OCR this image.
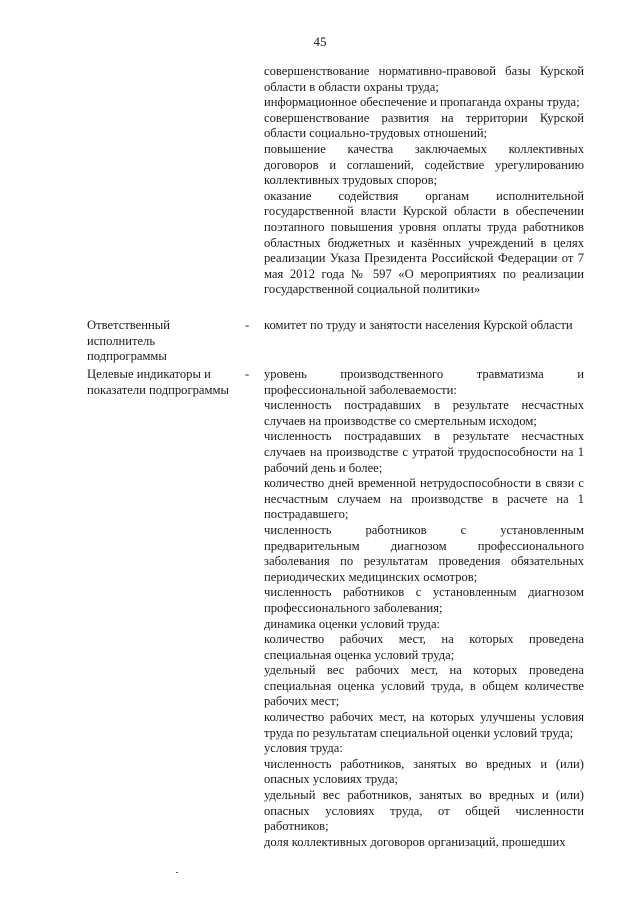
45

совершенствование нормативно-правовой базы Курской области в области охраны труда;

информационное обеспечение и пропаганда охраны труда;

совершенствование развития на территории Курской области социально-трудовых отношений;

повышение качества заключаемых коллективных договоров и соглашений, содействие урегулированию коллективных трудовых споров;

оказание содействия органам исполнительной государственной власти Курской области в обеспечении поэтапного повышения уровня оплаты труда работников областных бюджетных и казённых учреждений в целях реализации Указа Президента Российской Федерации от 7 мая 2012 года № 597 «О мероприятиях по реализации государственной социальной политики»

Ответственный исполнитель подпрограммы
- комитет по труду и занятости населения Курской области
Целевые индикаторы и показатели подпрограммы
- уровень производственного травматизма и профессиональной заболеваемости:

численность пострадавших в результате несчастных случаев на производстве со смертельным исходом;

численность пострадавших в результате несчастных случаев на производстве с утратой трудоспособности на 1 рабочий день и более;

количество дней временной нетрудоспособности в связи с несчастным случаем на производстве в расчете на 1 пострадавшего;

численность работников с установленным предварительным диагнозом профессионального заболевания по результатам проведения обязательных периодических медицинских осмотров;

численность работников с установленным диагнозом профессионального заболевания;

динамика оценки условий труда:

количество рабочих мест, на которых проведена специальная оценка условий труда;

удельный вес рабочих мест, на которых проведена специальная оценка условий труда, в общем количестве рабочих мест;

количество рабочих мест, на которых улучшены условия труда по результатам специальной оценки условий труда;

условия труда:

численность работников, занятых во вредных и (или) опасных условиях труда;

удельный вес работников, занятых во вредных и (или) опасных условиях труда, от общей численности работников;

доля коллективных договоров организаций, прошедших
